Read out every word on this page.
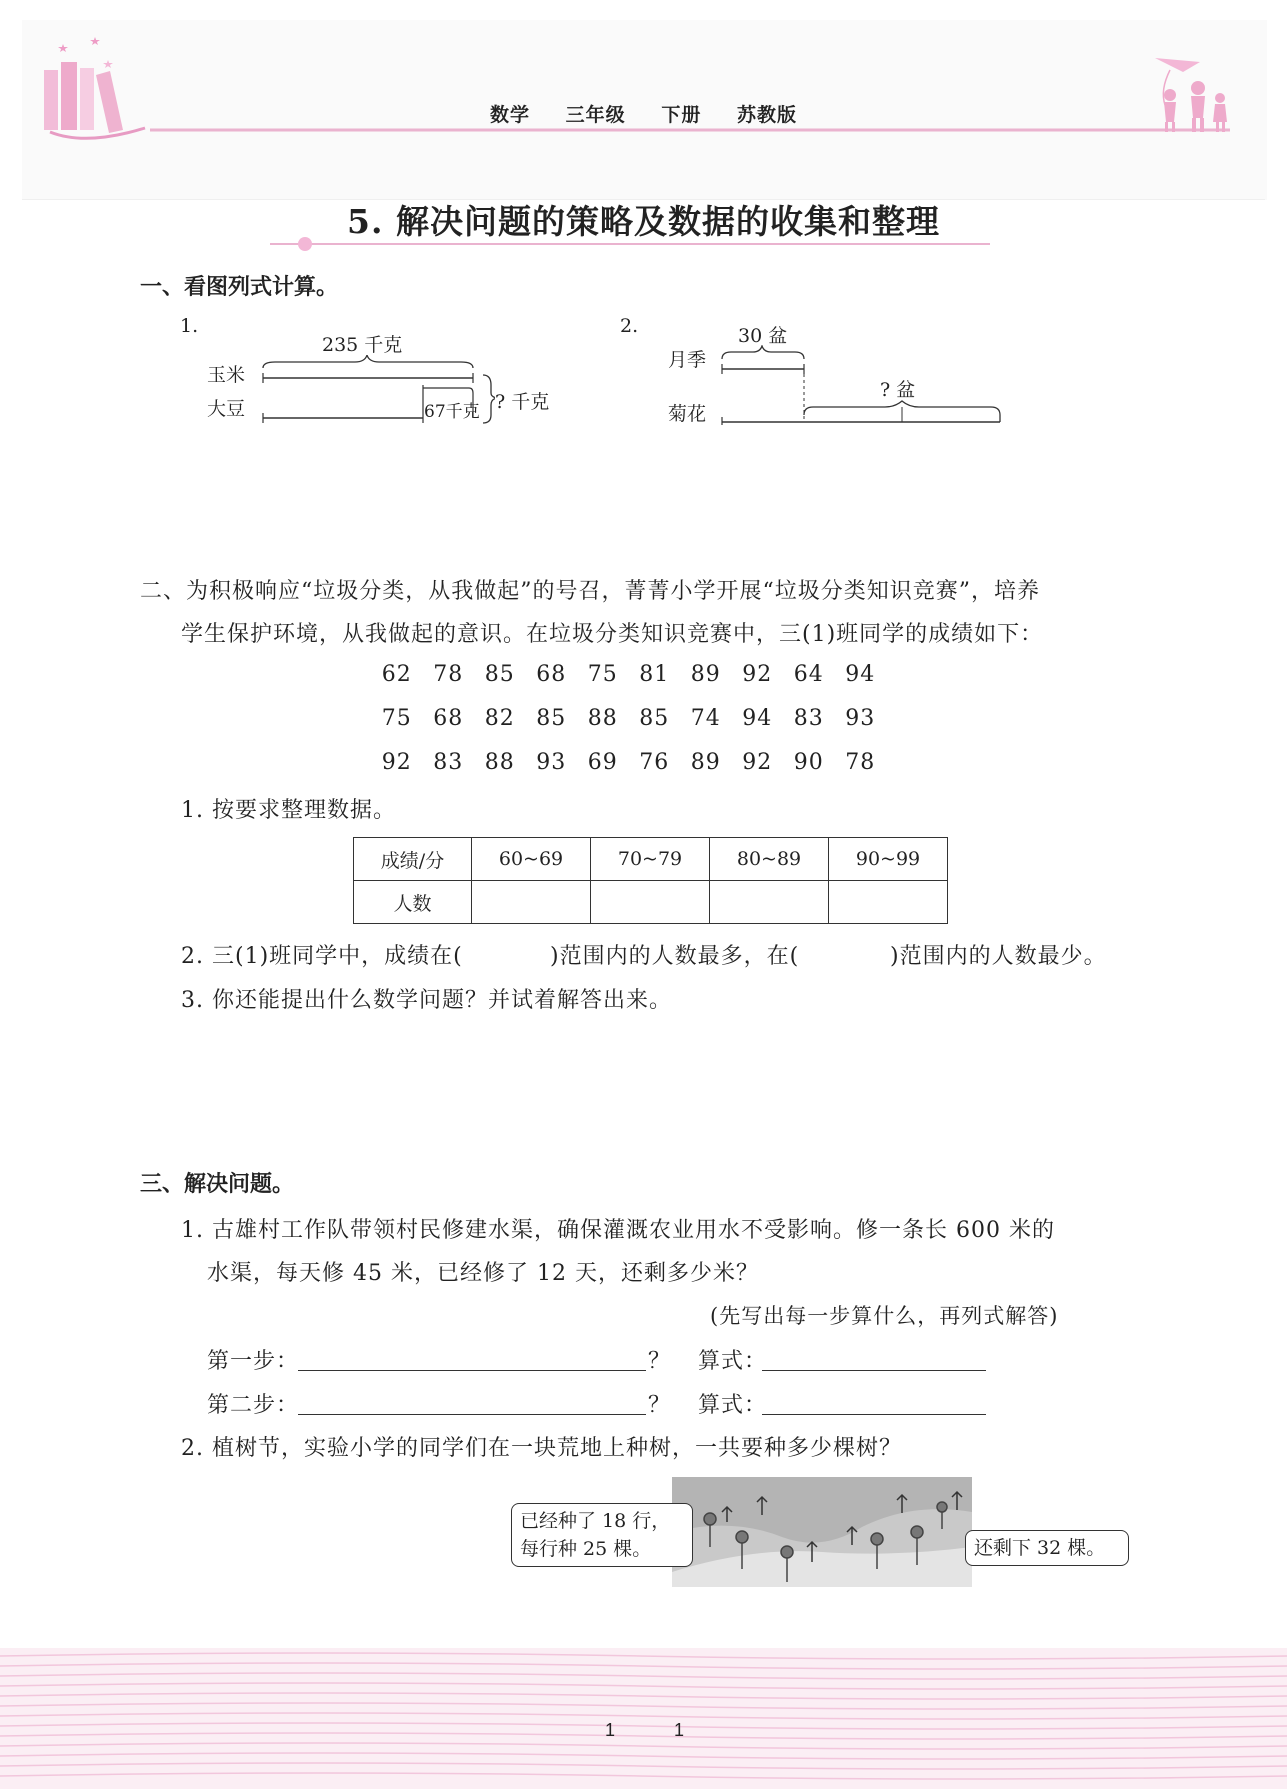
数学 三年级 下册 苏教版
5. 解决问题的策略及数据的收集和整理
一、看图列式计算。
1.
235 千克
玉米
大豆	67千克 ? 千克
2.	30 盆
月季
菊花
? 盆
二、为积极响应“垃圾分类，从我做起”的号召，菁菁小学开展“垃圾分类知识竞赛”，培养
学生保护环境，从我做起的意识。在垃圾分类知识竞赛中，三(1)班同学的成绩如下：
62 78 85 68 75 81 89 92 64 94
75 68 82 85 88 85 74 94 83 93
92 83 88 93 69 76 89 92 90 78
1. 按要求整理数据。
成绩/分	60~69	70~79	80~89	90~99
人数				
2. 三(1)班同学中，成绩在(	)范围内的人数最多，在(	)范围内的人数最少。
3. 你还能提出什么数学问题？并试着解答出来。
三、解决问题。
1. 古雄村工作队带领村民修建水渠，确保灌溉农业用水不受影响。修一条长 600 米的
水渠，每天修 45 米，已经修了 12 天，还剩多少米？
(先写出每一步算什么，再列式解答)
第一步：	？ 算式：
第二步：	？ 算式：
2. 植树节，实验小学的同学们在一块荒地上种树，一共要种多少棵树？
已经种了 18 行，
每行种 25 棵。	还剩下 32 棵。
1	1
